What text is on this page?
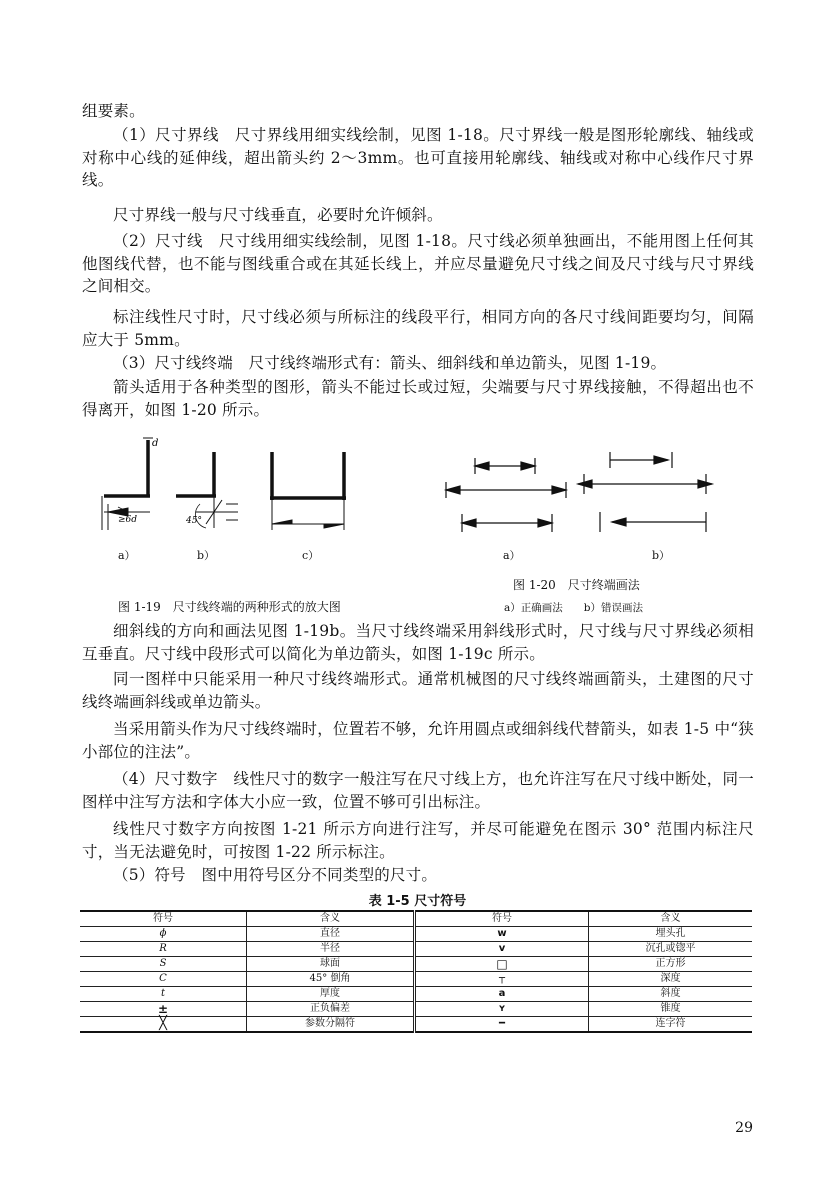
组要素。

（1）尺寸界线　尺寸界线用细实线绘制，见图 1-18。尺寸界线一般是图形轮廓线、轴线或对称中心线的延伸线，超出箭头约 2～3mm。也可直接用轮廓线、轴线或对称中心线作尺寸界线。

尺寸界线一般与尺寸线垂直，必要时允许倾斜。

（2）尺寸线　尺寸线用细实线绘制，见图 1-18。尺寸线必须单独画出，不能用图上任何其他图线代替，也不能与图线重合或在其延长线上，并应尽量避免尺寸线之间及尺寸线与尺寸界线之间相交。

标注线性尺寸时，尺寸线必须与所标注的线段平行，相同方向的各尺寸线间距要均匀，间隔应大于 5mm。

（3）尺寸线终端　尺寸线终端形式有：箭头、细斜线和单边箭头，见图 1-19。

箭头适用于各种类型的图形，箭头不能过长或过短，尖端要与尺寸界线接触，不得超出也不得离开，如图 1-20 所示。

d
≥6d	45°
a）	b）	c）	a）	b）
图 1-20　尺寸终端画法
图 1-19　尺寸线终端的两种形式的放大图	a）正确画法　　b）错误画法

细斜线的方向和画法见图 1-19b。当尺寸线终端采用斜线形式时，尺寸线与尺寸界线必须相互垂直。尺寸线中段形式可以简化为单边箭头，如图 1-19c 所示。

同一图样中只能采用一种尺寸线终端形式。通常机械图的尺寸线终端画箭头，土建图的尺寸线终端画斜线或单边箭头。

当采用箭头作为尺寸线终端时，位置若不够，允许用圆点或细斜线代替箭头，如表 1-5 中“狭小部位的注法”。

（4）尺寸数字　线性尺寸的数字一般注写在尺寸线上方，也允许注写在尺寸线中断处，同一图样中注写方法和字体大小应一致，位置不够可引出标注。

线性尺寸数字方向按图 1-21 所示方向进行注写，并尽可能避免在图示 30° 范围内标注尺寸，当无法避免时，可按图 1-22 所示标注。

（5）符号　图中用符号区分不同类型的尺寸。

表 1-5 尺寸符号
符号	含义	符号	含义
ϕ	直径	w	埋头孔
R	半径	v	沉孔或锪平
S	球面	□	正方形
C	45° 倒角	┬	深度
t	厚度	a	斜度
±	正负偏差	ʏ	锥度
╳	参数分隔符	━	连字符
29
